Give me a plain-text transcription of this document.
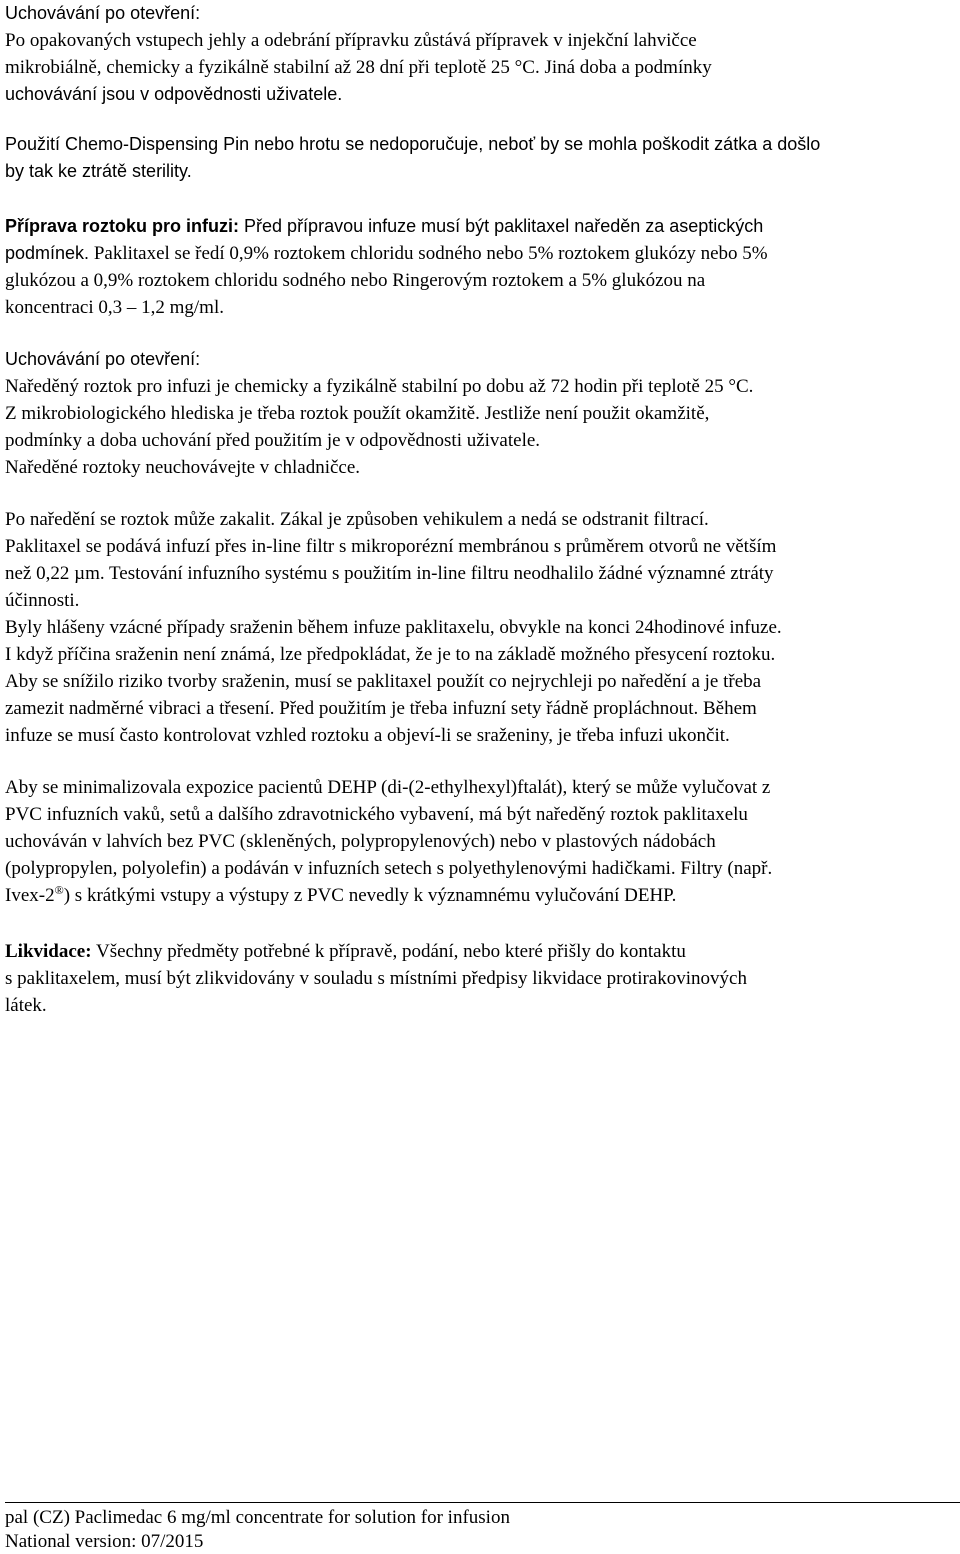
Uchovávání po otevření:
Po opakovaných vstupech jehly a odebrání přípravku zůstává přípravek v injekční lahvičce
mikrobiálně, chemicky a fyzikálně stabilní až 28 dní při teplotě 25 °C. Jiná doba a podmínky
uchovávání jsou v odpovědnosti uživatele.
Použití Chemo-Dispensing Pin nebo hrotu se nedoporučuje, neboť by se mohla poškodit zátka a došlo
by tak ke ztrátě sterility.
Příprava roztoku pro infuzi: Před přípravou infuze musí být paklitaxel naředěn za aseptických
podmínek. Paklitaxel se ředí 0,9% roztokem chloridu sodného nebo 5% roztokem glukózy nebo 5%
glukózou a 0,9% roztokem chloridu sodného nebo Ringerovým roztokem a 5% glukózou na
koncentraci 0,3 – 1,2 mg/ml.
Uchovávání po otevření:
Naředěný roztok pro infuzi je chemicky a fyzikálně stabilní po dobu až 72 hodin při teplotě 25 °C.
Z mikrobiologického hlediska je třeba roztok použít okamžitě. Jestliže není použit okamžitě,
podmínky a doba uchování před použitím je v odpovědnosti uživatele.
Naředěné roztoky neuchovávejte v chladničce.
Po naředění se roztok může zakalit. Zákal je způsoben vehikulem a nedá se odstranit filtrací.
Paklitaxel se podává infuzí přes in-line filtr s mikroporézní membránou s průměrem otvorů ne větším
než 0,22 µm. Testování infuzního systému s použitím in-line filtru neodhalilo žádné významné ztráty
účinnosti.
Byly hlášeny vzácné případy sraženin během infuze paklitaxelu, obvykle na konci 24hodinové infuze.
I když příčina sraženin není známá, lze předpokládat, že je to na základě možného přesycení roztoku.
Aby se snížilo riziko tvorby sraženin, musí se paklitaxel použít co nejrychleji po naředění a je třeba
zamezit nadměrné vibraci a třesení. Před použitím je třeba infuzní sety řádně propláchnout. Během
infuze se musí často kontrolovat vzhled roztoku a objeví-li se sraženiny, je třeba infuzi ukončit.
Aby se minimalizovala expozice pacientů DEHP (di-(2-ethylhexyl)ftalát), který se může vylučovat z
PVC infuzních vaků, setů a dalšího zdravotnického vybavení, má být naředěný roztok paklitaxelu
uchováván v lahvích bez PVC (skleněných, polypropylenových) nebo v plastových nádobách
(polypropylen, polyolefin) a podáván v infuzních setech s polyethylenovými hadičkami. Filtry (např.
Ivex-2®) s krátkými vstupy a výstupy z PVC nevedly k významnému vylučování DEHP.
Likvidace: Všechny předměty potřebné k přípravě, podání, nebo které přišly do kontaktu
s paklitaxelem, musí být zlikvidovány v souladu s místními předpisy likvidace protirakovinových
látek.
pal (CZ) Paclimedac 6 mg/ml concentrate for solution for infusion
National version: 07/2015
